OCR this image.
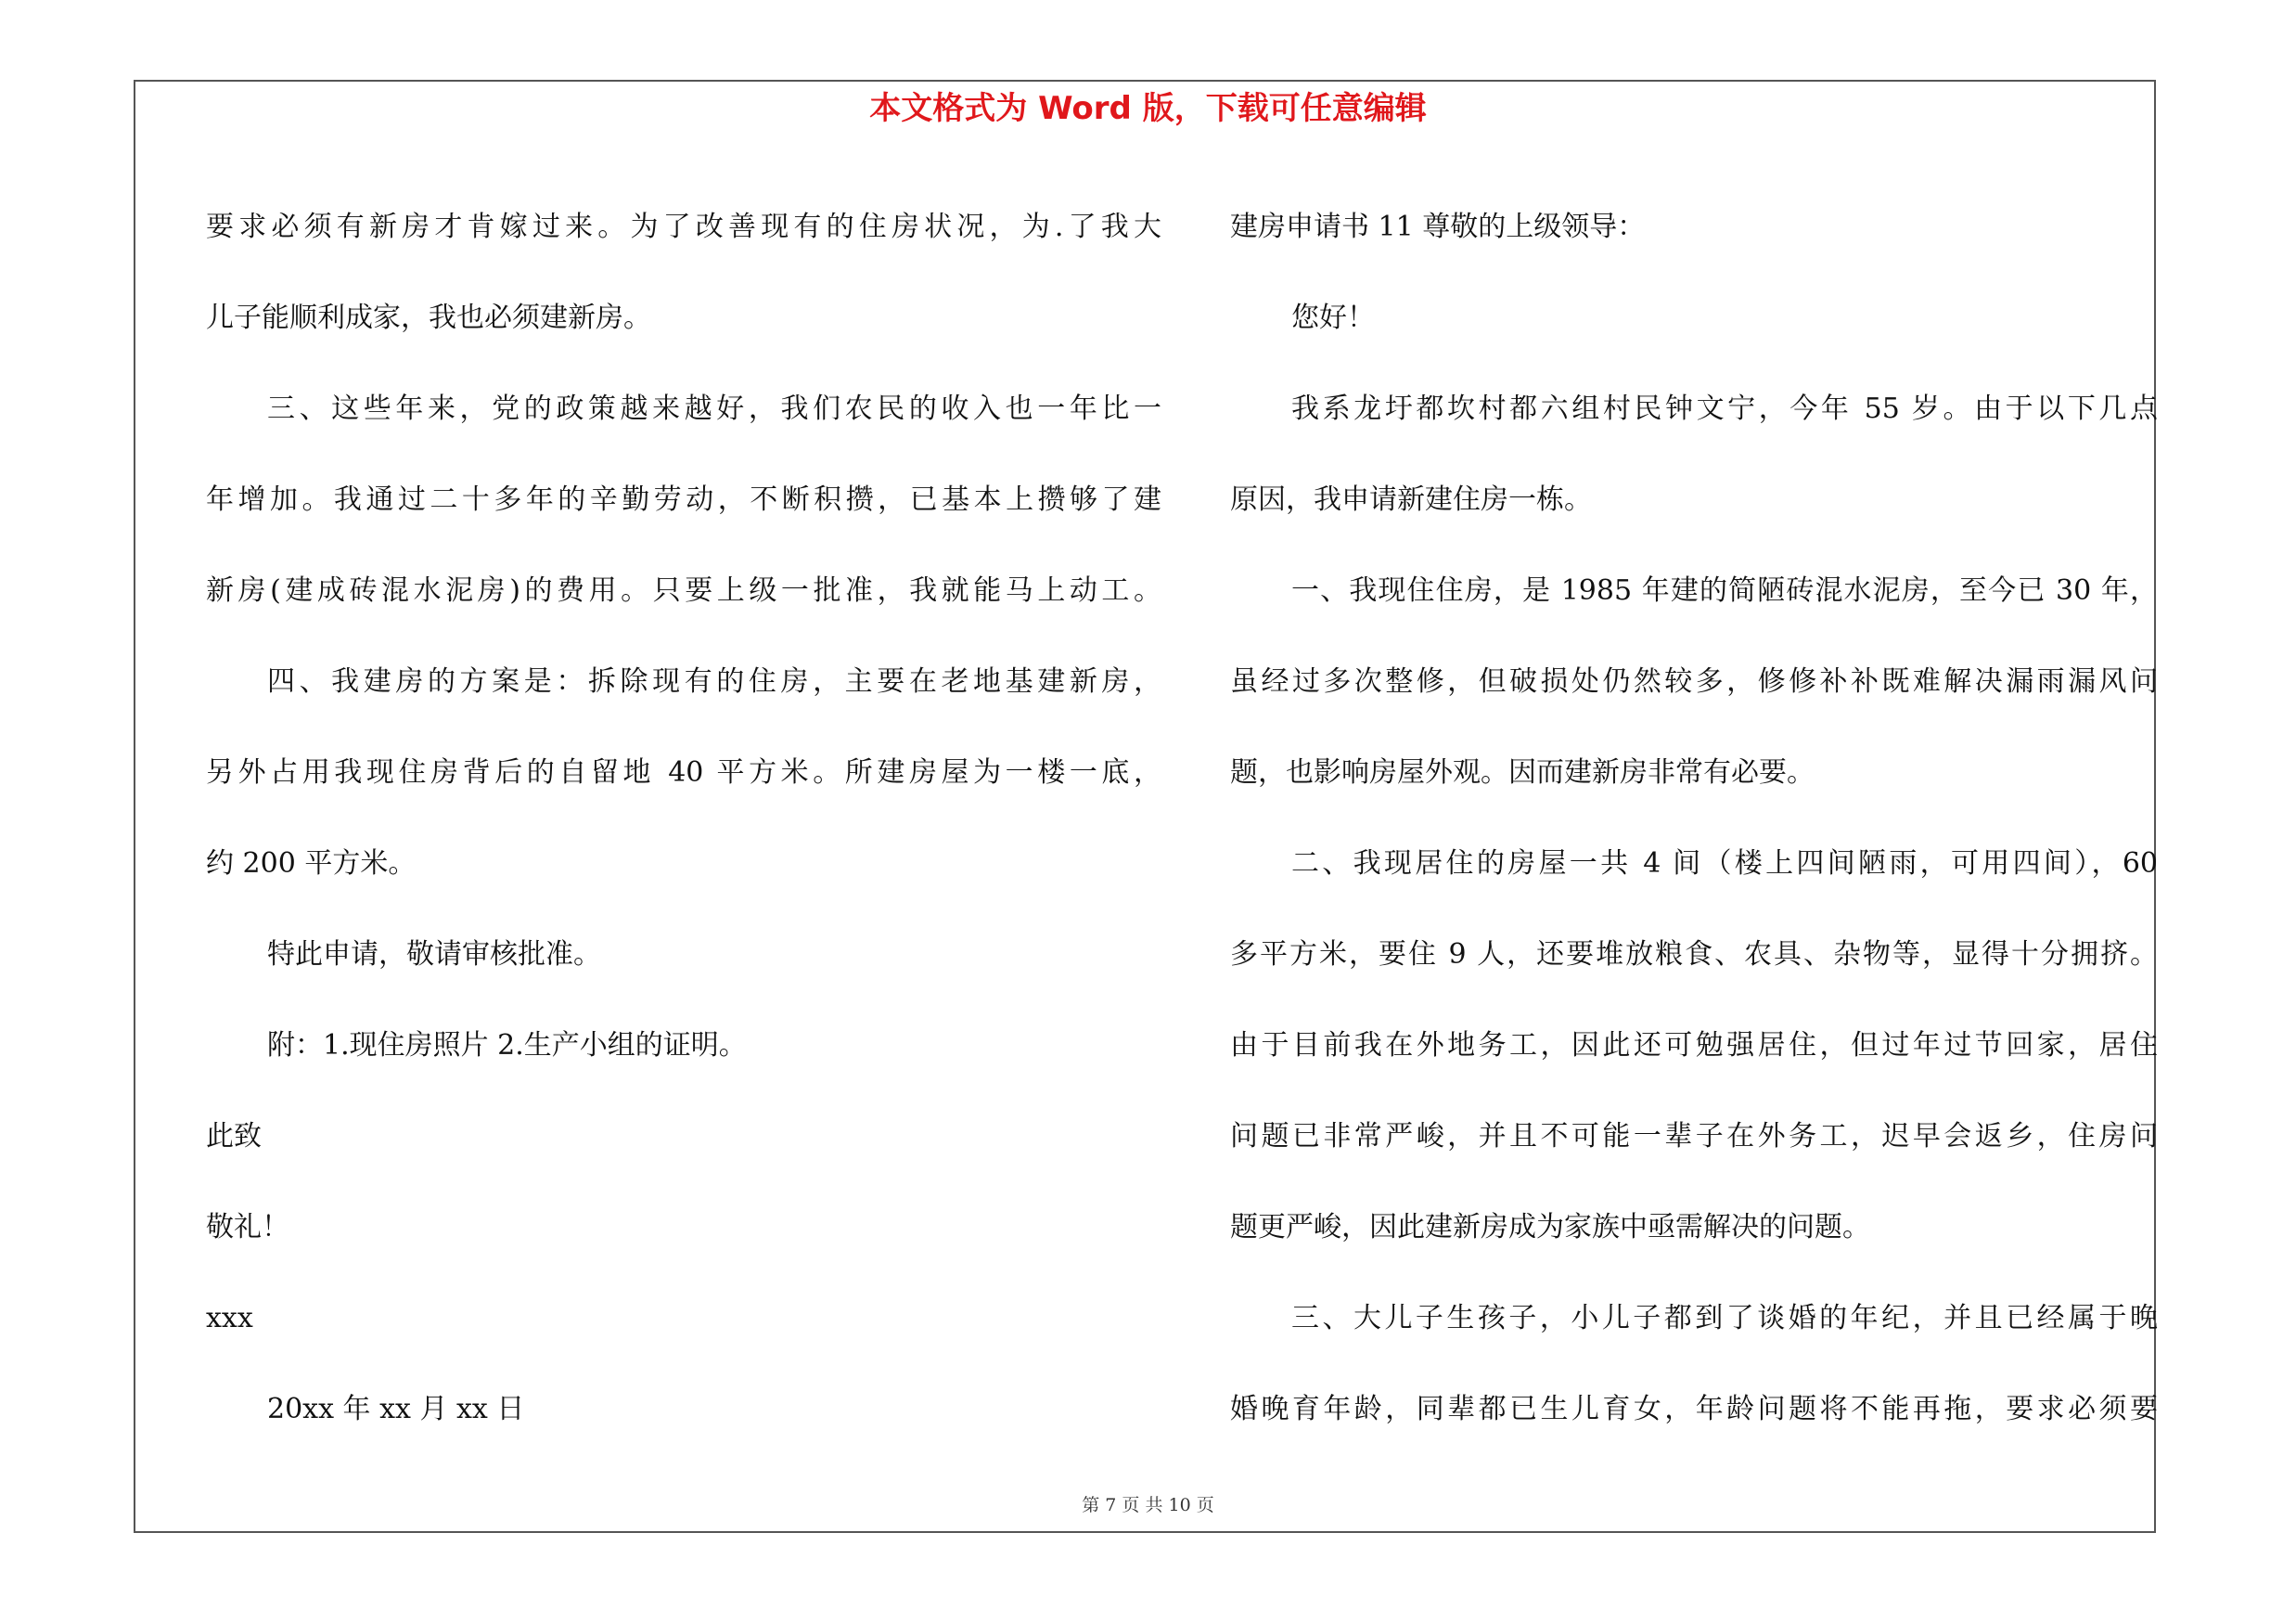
本文格式为 Word 版，下载可任意编辑
要求必须有新房才肯嫁过来。为了改善现有的住房状况，为.了我大
儿子能顺利成家，我也必须建新房。
三、这些年来，党的政策越来越好，我们农民的收入也一年比一
年增加。我通过二十多年的辛勤劳动，不断积攒，已基本上攒够了建
新房(建成砖混水泥房)的费用。只要上级一批准，我就能马上动工。
四、我建房的方案是：拆除现有的住房，主要在老地基建新房，
另外占用我现住房背后的自留地 40 平方米。所建房屋为一楼一底，
约 200 平方米。
特此申请，敬请审核批准。
附：1.现住房照片 2.生产小组的证明。
此致
敬礼！
xxx
20xx 年 xx 月 xx 日
建房申请书 11 尊敬的上级领导：
您好！
我系龙圩都坎村都六组村民钟文宁，今年 55 岁。由于以下几点
原因，我申请新建住房一栋。
一、我现住住房，是 1985 年建的简陋砖混水泥房，至今已 30 年，
虽经过多次整修，但破损处仍然较多，修修补补既难解决漏雨漏风问
题，也影响房屋外观。因而建新房非常有必要。
二、我现居住的房屋一共 4 间（楼上四间陋雨，可用四间），60
多平方米，要住 9 人，还要堆放粮食、农具、杂物等，显得十分拥挤。
由于目前我在外地务工，因此还可勉强居住，但过年过节回家，居住
问题已非常严峻，并且不可能一辈子在外务工，迟早会返乡，住房问
题更严峻，因此建新房成为家族中亟需解决的问题。
三、大儿子生孩子，小儿子都到了谈婚的年纪，并且已经属于晚
婚晚育年龄，同辈都已生儿育女，年龄问题将不能再拖，要求必须要
第 7 页 共 10 页
